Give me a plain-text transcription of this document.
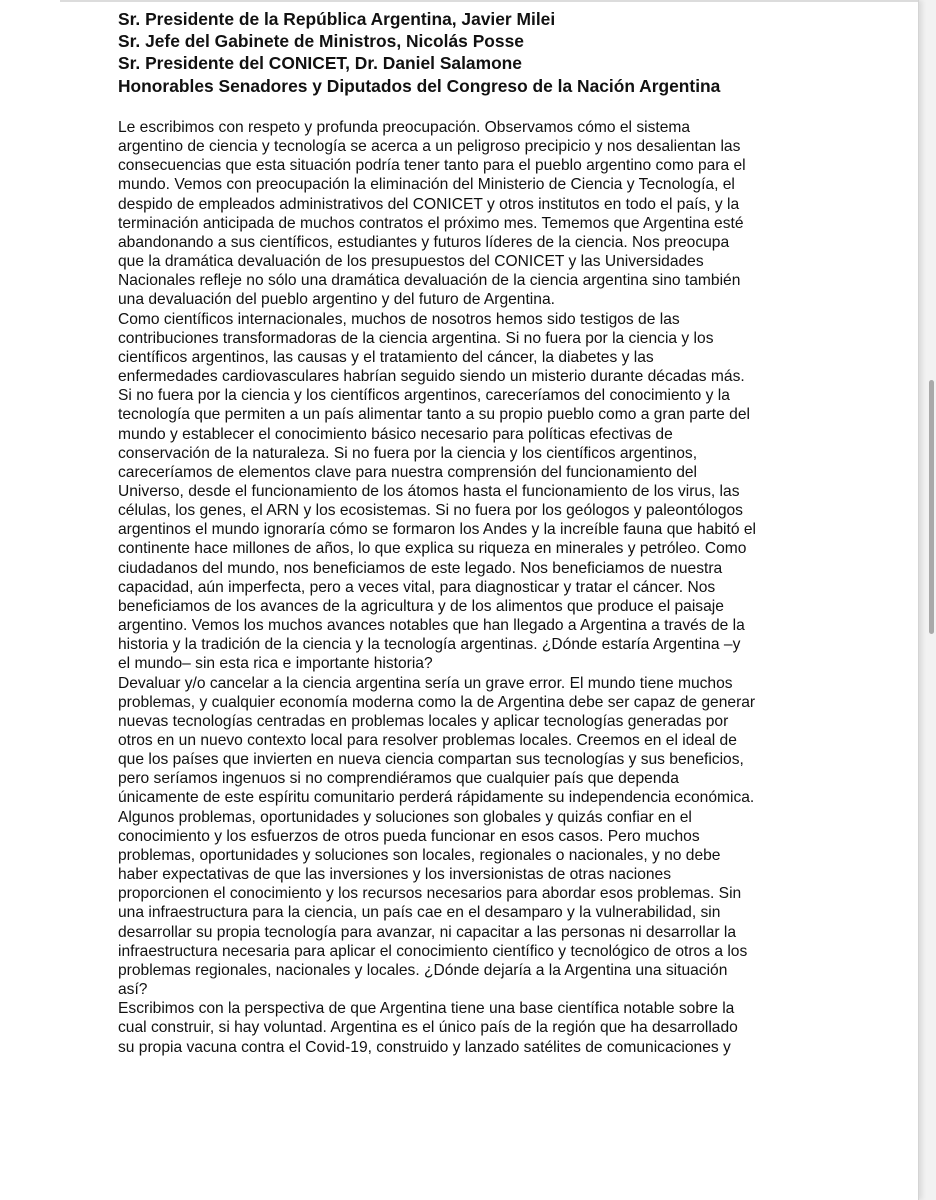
Sr. Presidente de la República Argentina, Javier Milei
Sr. Jefe del Gabinete de Ministros, Nicolás Posse
Sr. Presidente del CONICET, Dr. Daniel Salamone
Honorables Senadores y Diputados del Congreso de la Nación Argentina
Le escribimos con respeto y profunda preocupación. Observamos cómo el sistema
argentino de ciencia y tecnología se acerca a un peligroso precipicio y nos desalientan las
consecuencias que esta situación podría tener tanto para el pueblo argentino como para el
mundo. Vemos con preocupación la eliminación del Ministerio de Ciencia y Tecnología, el
despido de empleados administrativos del CONICET y otros institutos en todo el país, y la
terminación anticipada de muchos contratos el próximo mes. Tememos que Argentina esté
abandonando a sus científicos, estudiantes y futuros líderes de la ciencia. Nos preocupa
que la dramática devaluación de los presupuestos del CONICET y las Universidades
Nacionales refleje no sólo una dramática devaluación de la ciencia argentina sino también
una devaluación del pueblo argentino y del futuro de Argentina.
Como científicos internacionales, muchos de nosotros hemos sido testigos de las
contribuciones transformadoras de la ciencia argentina. Si no fuera por la ciencia y los
científicos argentinos, las causas y el tratamiento del cáncer, la diabetes y las
enfermedades cardiovasculares habrían seguido siendo un misterio durante décadas más.
Si no fuera por la ciencia y los científicos argentinos, careceríamos del conocimiento y la
tecnología que permiten a un país alimentar tanto a su propio pueblo como a gran parte del
mundo y establecer el conocimiento básico necesario para políticas efectivas de
conservación de la naturaleza. Si no fuera por la ciencia y los científicos argentinos,
careceríamos de elementos clave para nuestra comprensión del funcionamiento del
Universo, desde el funcionamiento de los átomos hasta el funcionamiento de los virus, las
células, los genes, el ARN y los ecosistemas. Si no fuera por los geólogos y paleontólogos
argentinos el mundo ignoraría cómo se formaron los Andes y la increíble fauna que habitó el
continente hace millones de años, lo que explica su riqueza en minerales y petróleo. Como
ciudadanos del mundo, nos beneficiamos de este legado. Nos beneficiamos de nuestra
capacidad, aún imperfecta, pero a veces vital, para diagnosticar y tratar el cáncer. Nos
beneficiamos de los avances de la agricultura y de los alimentos que produce el paisaje
argentino. Vemos los muchos avances notables que han llegado a Argentina a través de la
historia y la tradición de la ciencia y la tecnología argentinas. ¿Dónde estaría Argentina –y
el mundo– sin esta rica e importante historia?
Devaluar y/o cancelar a la ciencia argentina sería un grave error. El mundo tiene muchos
problemas, y cualquier economía moderna como la de Argentina debe ser capaz de generar
nuevas tecnologías centradas en problemas locales y aplicar tecnologías generadas por
otros en un nuevo contexto local para resolver problemas locales. Creemos en el ideal de
que los países que invierten en nueva ciencia compartan sus tecnologías y sus beneficios,
pero seríamos ingenuos si no comprendiéramos que cualquier país que dependa
únicamente de este espíritu comunitario perderá rápidamente su independencia económica.
Algunos problemas, oportunidades y soluciones son globales y quizás confiar en el
conocimiento y los esfuerzos de otros pueda funcionar en esos casos. Pero muchos
problemas, oportunidades y soluciones son locales, regionales o nacionales, y no debe
haber expectativas de que las inversiones y los inversionistas de otras naciones
proporcionen el conocimiento y los recursos necesarios para abordar esos problemas. Sin
una infraestructura para la ciencia, un país cae en el desamparo y la vulnerabilidad, sin
desarrollar su propia tecnología para avanzar, ni capacitar a las personas ni desarrollar la
infraestructura necesaria para aplicar el conocimiento científico y tecnológico de otros a los
problemas regionales, nacionales y locales. ¿Dónde dejaría a la Argentina una situación
así?
Escribimos con la perspectiva de que Argentina tiene una base científica notable sobre la
cual construir, si hay voluntad. Argentina es el único país de la región que ha desarrollado
su propia vacuna contra el Covid-19, construido y lanzado satélites de comunicaciones y
